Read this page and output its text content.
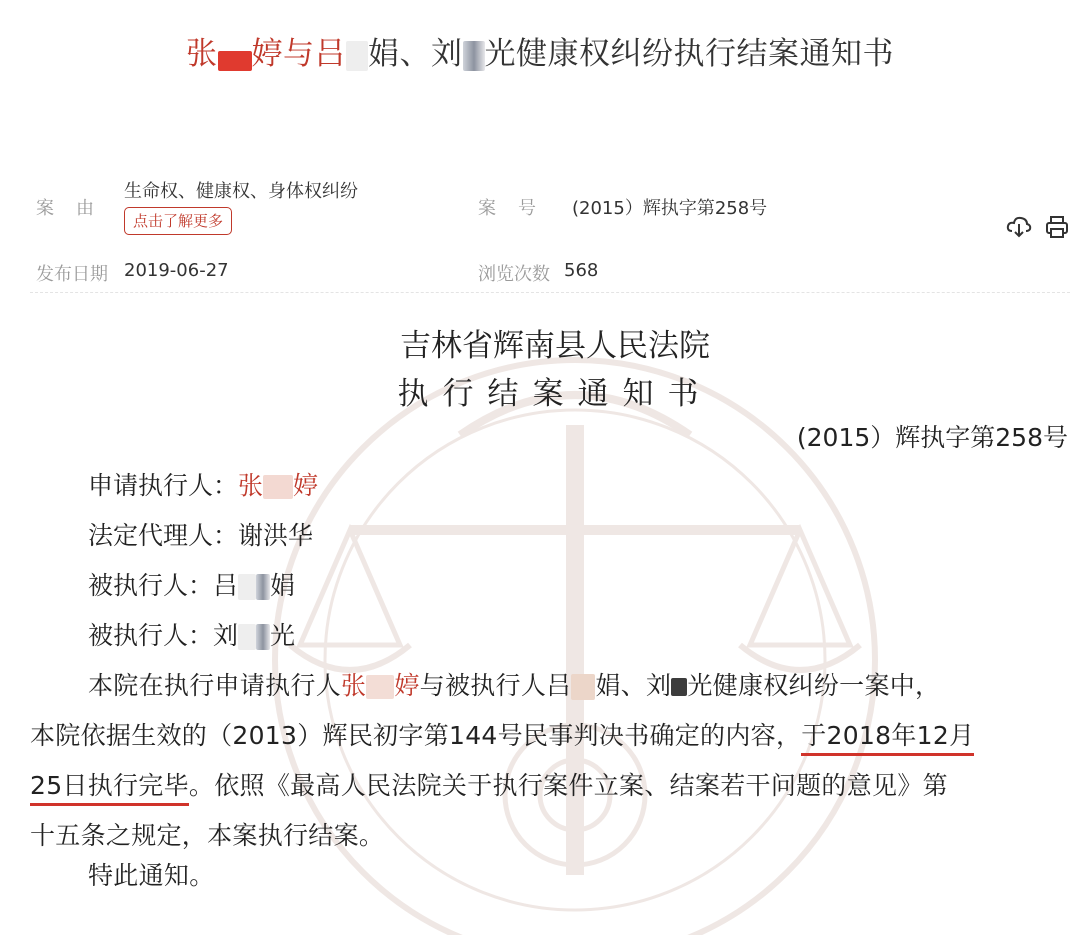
张 婷与吕 娟、刘 光健康权纠纷执行结案通知书
案　由
生命权、健康权、身体权纠纷
点击了解更多
案　号 (2015）辉执字第258号
发布日期 2019-06-27	浏览次数 568
吉林省辉南县人民法院
执行结案通知书
(2015）辉执字第258号
申请执行人：张 婷
法定代理人：谢洪华
被执行人：吕 娟
被执行人：刘 光
本院在执行申请执行人张 婷与被执行人吕 娟、刘 光健康权纠纷一案中，
本院依据生效的（2013）辉民初字第144号民事判决书确定的内容，于2018年12月
25日执行完毕。依照《最高人民法院关于执行案件立案、结案若干问题的意见》第
十五条之规定，本案执行结案。
特此通知。
